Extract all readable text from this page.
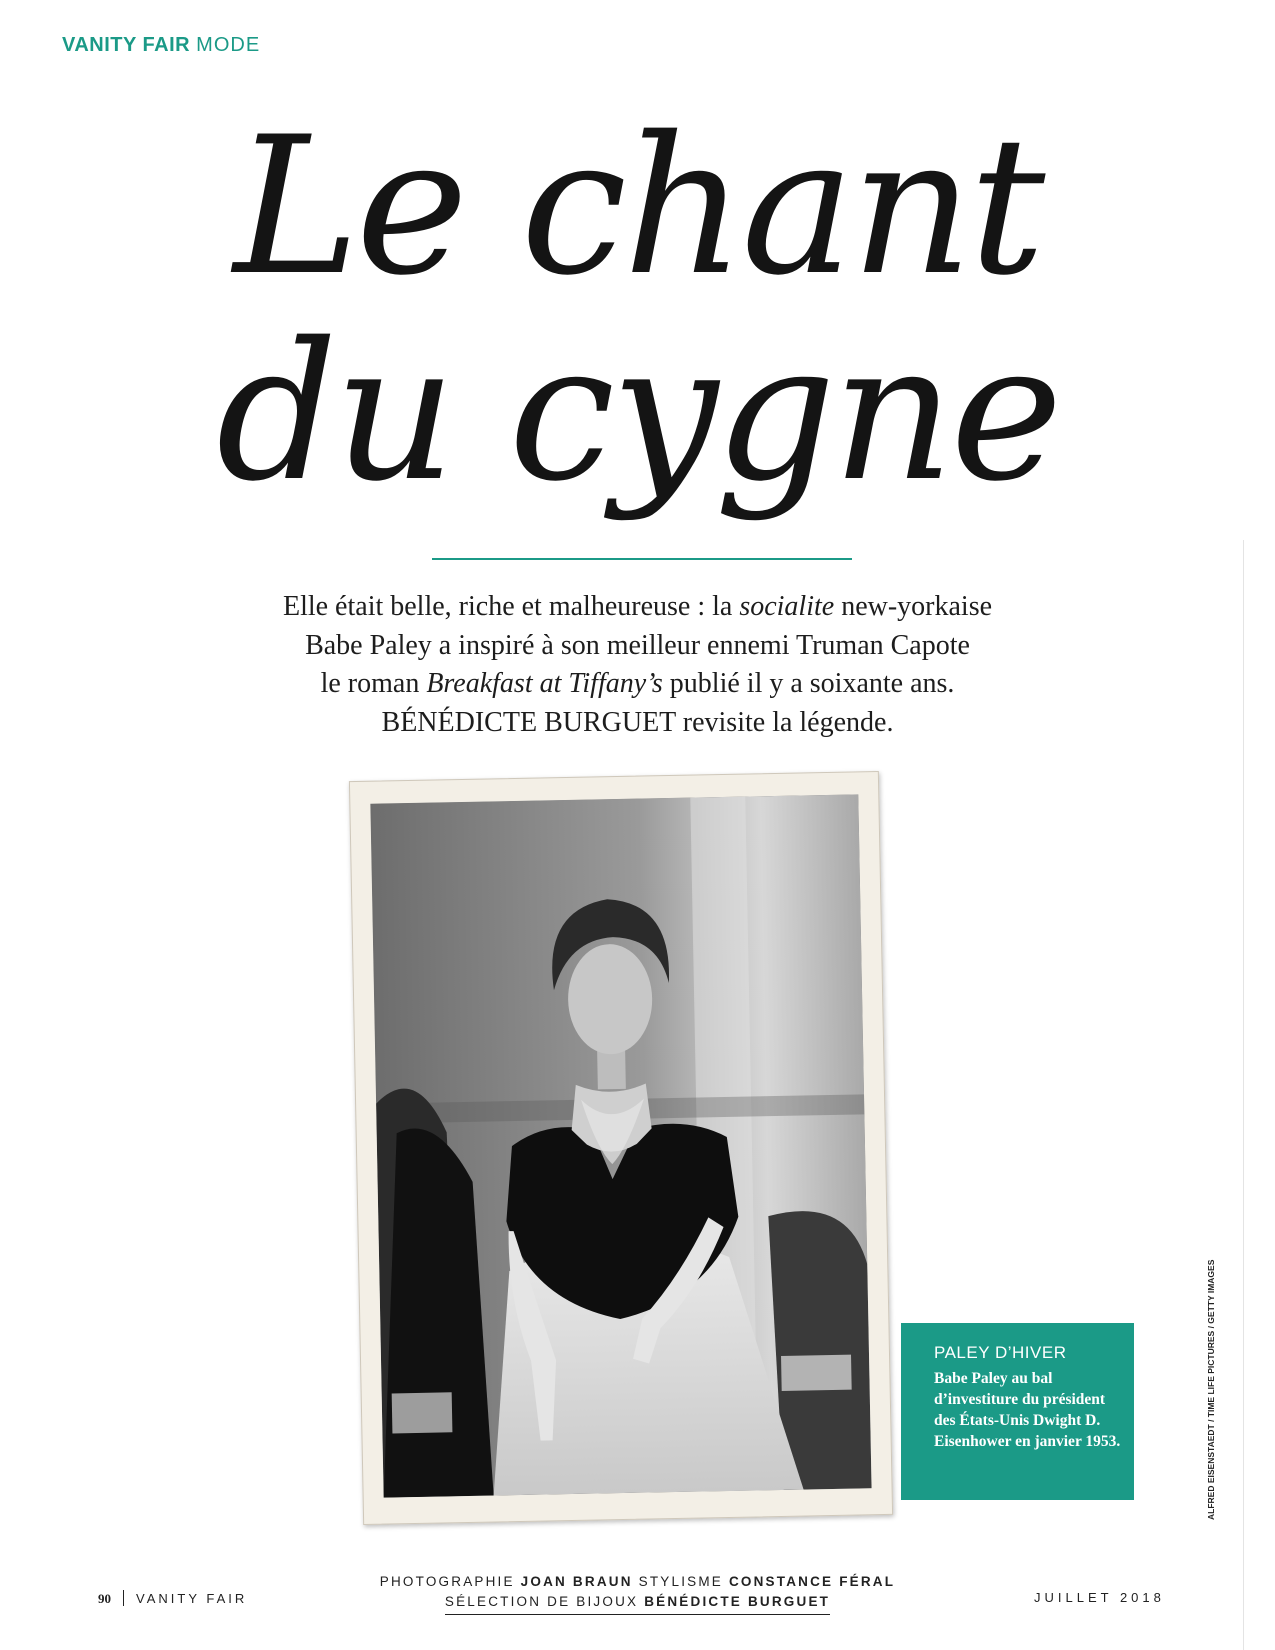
VANITY FAIR MODE
Le chant
du cygne

Elle était belle, riche et malheureuse : la socialite new-yorkaise

Babe Paley a inspiré à son meilleur ennemi Truman Capote

le roman Breakfast at Tiffany’s publié il y a soixante ans.

BÉNÉDICTE BURGUET revisite la légende.

PALEY D’HIVER
Babe Paley au bal d’investiture du président des États-Unis Dwight D. Eisenhower en janvier 1953.	ALFRED EISENSTAEDT / TIME LIFE PICTURES / GETTY IMAGES
90 VANITY FAIR
PHOTOGRAPHIE JOAN BRAUN STYLISME CONSTANCE FÉRAL
SÉLECTION DE BIJOUX BÉNÉDICTE BURGUET	JUILLET 2018
